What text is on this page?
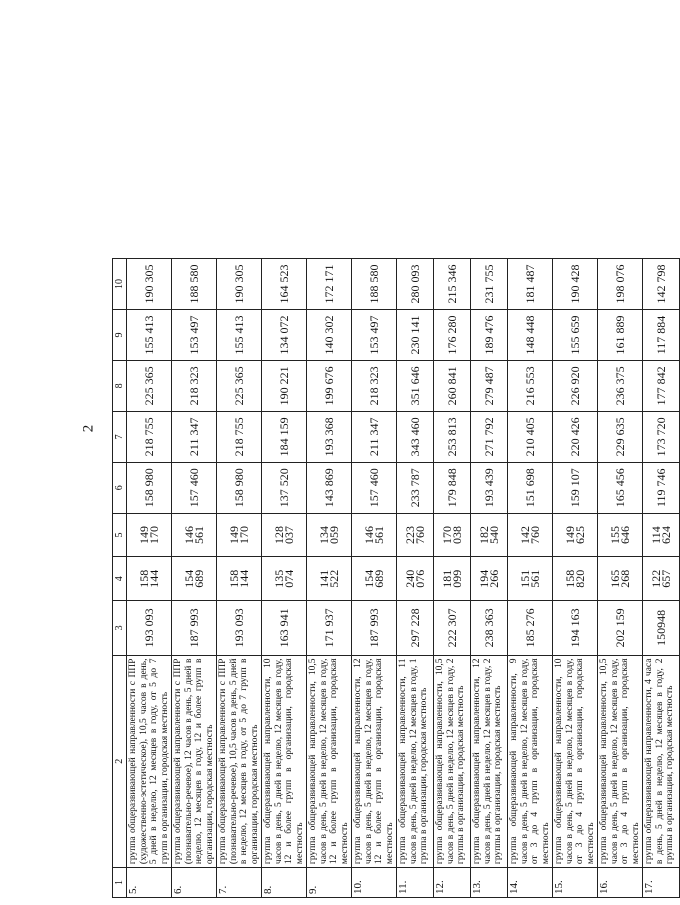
2
1	2	3	4	5	6	7	8	9	10
5.	группа общеразвивающей направленности с ППР (художественно-эстетическое), 10,5 часов в день, 5 дней в неделю, 12 месяцев в году, от 5 до 7 групп в организации, городская местность	193 093	158 144	149 170	158 980	218 755	225 365	155 413	190 305
6.	группа общеразвивающей направленности с ППР (познавательно-речевое), 12 часов в день, 5 дней в неделю, 12 месяцев в году, 12 и более групп в организации, городская местность	187 993	154 689	146 561	157 460	211 347	218 323	153 497	188 580
7.	группа общеразвивающей направленности с ППР (познавательно-речевое), 10,5 часов в день, 5 дней в неделю, 12 месяцев в году, от 5 до 7 групп в организации, городская местность	193 093	158 144	149 170	158 980	218 755	225 365	155 413	190 305
8.	группа общеразвивающей направленности, 10 часов в день, 5 дней в неделю, 12 месяцев в году, 12 и более групп в организации, городская местность	163 941	135 074	128 037	137 520	184 159	190 221	134 072	164 523
9.	группа общеразвивающей направленности, 10,5 часов в день, 5 дней в неделю, 12 месяцев в году, 12 и более групп в организации, городская местность	171 937	141 522	134 059	143 869	193 368	199 676	140 302	172 171
10.	группа общеразвивающей направленности, 12 часов в день, 5 дней в неделю, 12 месяцев в году, 12 и более групп в организации, городская местность	187 993	154 689	146 561	157 460	211 347	218 323	153 497	188 580
11.	группа общеразвивающей направленности, 11 часов в день, 5 дней в неделю, 12 месяцев в году, 1 группа в организации, городская местность	297 228	240 076	223 760	233 787	343 460	351 646	230 141	280 093
12.	группа общеразвивающей направленности, 10,5 часов в день, 5 дней в неделю, 12 месяцев в году, 2 группы в организации, городская местность	222 307	181 099	170 038	179 848	253 813	260 841	176 280	215 346
13.	группа общеразвивающей направленности, 12 часов в день, 5 дней в неделю, 12 месяцев в году, 2 группы в организации, городская местность	238 363	194 266	182 540	193 439	271 792	279 487	189 476	231 755
14.	группа общеразвивающей направленности, 9 часов в день, 5 дней в неделю, 12 месяцев в году, от 3 до 4 групп в организации, городская местность	185 276	151 561	142 760	151 698	210 405	216 553	148 448	181 487
15.	группа общеразвивающей направленности, 10 часов в день, 5 дней в неделю, 12 месяцев в году, от 3 до 4 групп в организации, городская местность	194 163	158 820	149 625	159 107	220 426	226 920	155 659	190 428
16.	группа общеразвивающей направленности, 10,5 часов в день, 5 дней в неделю, 12 месяцев в году, от 3 до 4 групп в организации, городская местность	202 159	165 268	155 646	165 456	229 635	236 375	161 889	198 076
17.	группа общеразвивающей направленности, 4 часа в день, 5 дней в неделю, 12 месяцев в году, 2 группы в организации, городская местность	150948	122 657	114 624	119 746	173 720	177 842	117 884	142 798
